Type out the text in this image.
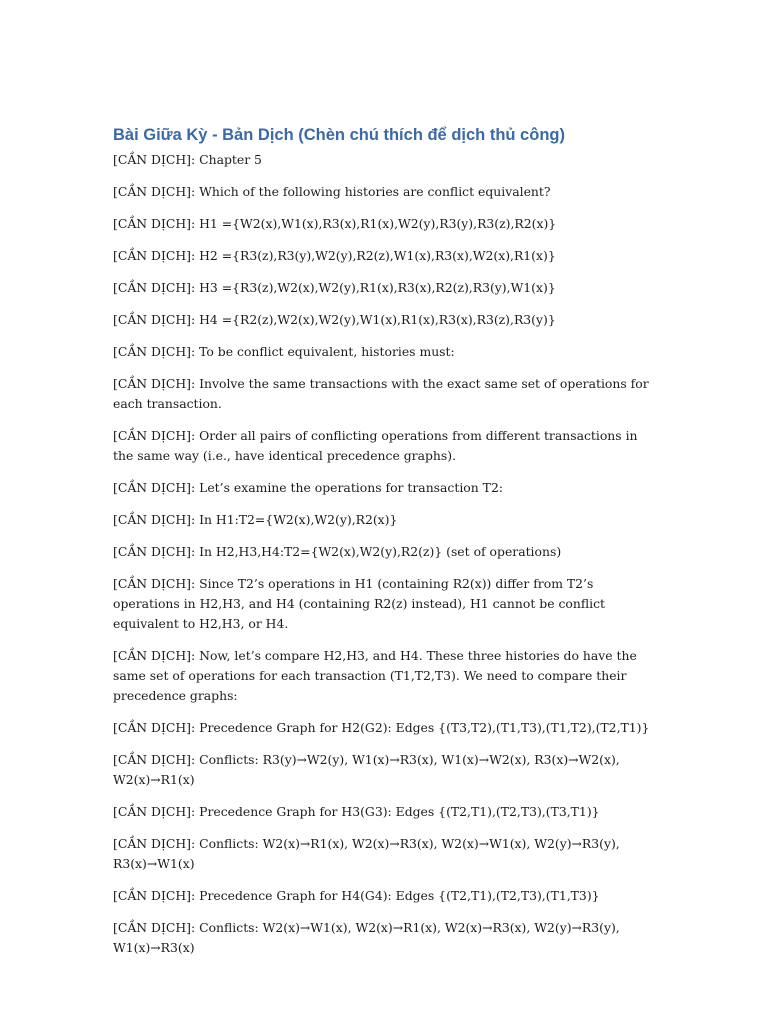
Bài Giữa Kỳ - Bản Dịch (Chèn chú thích để dịch thủ công)

[CẦN DỊCH]: Chapter 5

[CẦN DỊCH]: Which of the following histories are conflict equivalent?

[CẦN DỊCH]: H1 ={W2(x),W1(x),R3(x),R1(x),W2(y),R3(y),R3(z),R2(x)}

[CẦN DỊCH]: H2 ={R3(z),R3(y),W2(y),R2(z),W1(x),R3(x),W2(x),R1(x)}

[CẦN DỊCH]: H3 ={R3(z),W2(x),W2(y),R1(x),R3(x),R2(z),R3(y),W1(x)}

[CẦN DỊCH]: H4 ={R2(z),W2(x),W2(y),W1(x),R1(x),R3(x),R3(z),R3(y)}

[CẦN DỊCH]: To be conflict equivalent, histories must:

[CẦN DỊCH]: Involve the same transactions with the exact same set of operations for each transaction.

[CẦN DỊCH]: Order all pairs of conflicting operations from different transactions in the same way (i.e., have identical precedence graphs).

[CẦN DỊCH]: Let’s examine the operations for transaction T2:

[CẦN DỊCH]: In H1:T2={W2(x),W2(y),R2(x)}

[CẦN DỊCH]: In H2,H3,H4:T2={W2(x),W2(y),R2(z)} (set of operations)

[CẦN DỊCH]: Since T2’s operations in H1 (containing R2(x)) differ from T2’s operations in H2,H3, and H4 (containing R2(z) instead), H1 cannot be conflict equivalent to H2,H3, or H4.

[CẦN DỊCH]: Now, let’s compare H2,H3, and H4. These three histories do have the same set of operations for each transaction (T1,T2,T3). We need to compare their precedence graphs:

[CẦN DỊCH]: Precedence Graph for H2(G2): Edges {(T3,T2),(T1,T3),(T1,T2),(T2,T1)}

[CẦN DỊCH]: Conflicts: R3(y)→W2(y), W1(x)→R3(x), W1(x)→W2(x), R3(x)→W2(x), W2(x)→R1(x)

[CẦN DỊCH]: Precedence Graph for H3(G3): Edges {(T2,T1),(T2,T3),(T3,T1)}

[CẦN DỊCH]: Conflicts: W2(x)→R1(x), W2(x)→R3(x), W2(x)→W1(x), W2(y)→R3(y), R3(x)→W1(x)

[CẦN DỊCH]: Precedence Graph for H4(G4): Edges {(T2,T1),(T2,T3),(T1,T3)}

[CẦN DỊCH]: Conflicts: W2(x)→W1(x), W2(x)→R1(x), W2(x)→R3(x), W2(y)→R3(y), W1(x)→R3(x)
